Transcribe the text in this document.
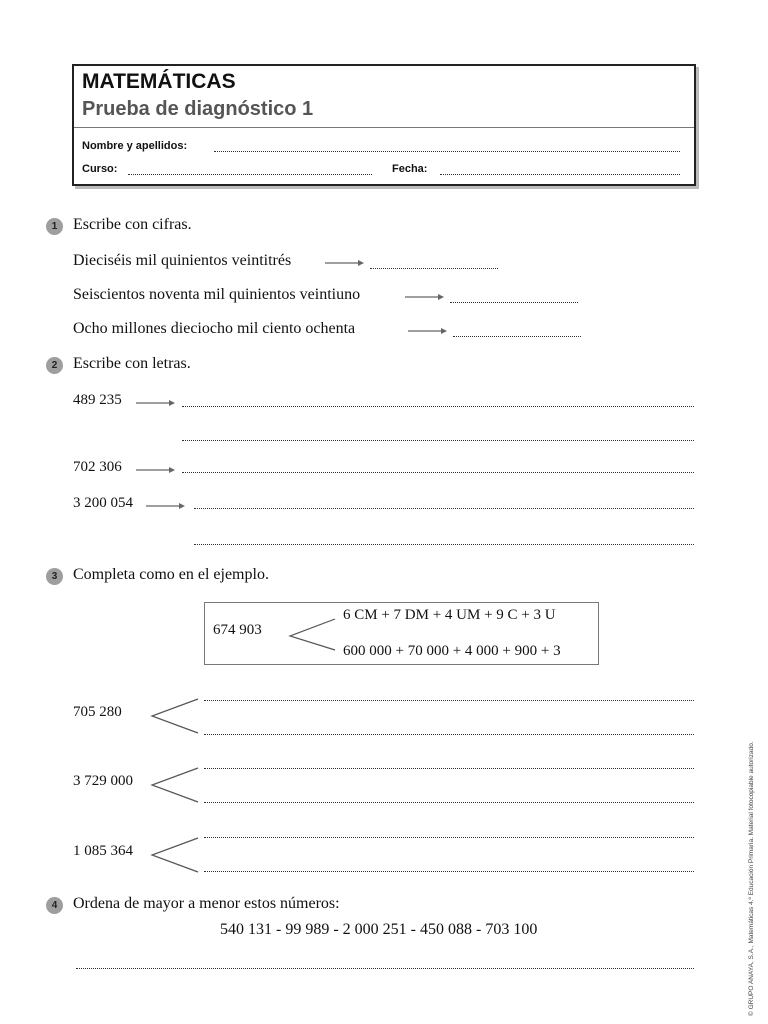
MATEMÁTICAS
Prueba de diagnóstico 1
Nombre y apellidos:
Curso:	Fecha:
1 Escribe con cifras.
Dieciséis mil quinientos veintitrés
Seiscientos noventa mil quinientos veintiuno
Ocho millones dieciocho mil ciento ochenta
2 Escribe con letras.
489 235
702 306
3 200 054
3 Completa como en el ejemplo.
674 903
6 CM + 7 DM + 4 UM + 9 C + 3 U
600 000 + 70 000 + 4 000 + 900 + 3
705 280
3 729 000
1 085 364
4 Ordena de mayor a menor estos números:
540 131 - 99 989 - 2 000 251 - 450 088 - 703 100	© GRUPO ANAYA, S.A., Matemáticas 4.º Educación Primaria. Material fotocopiable autorizado.
